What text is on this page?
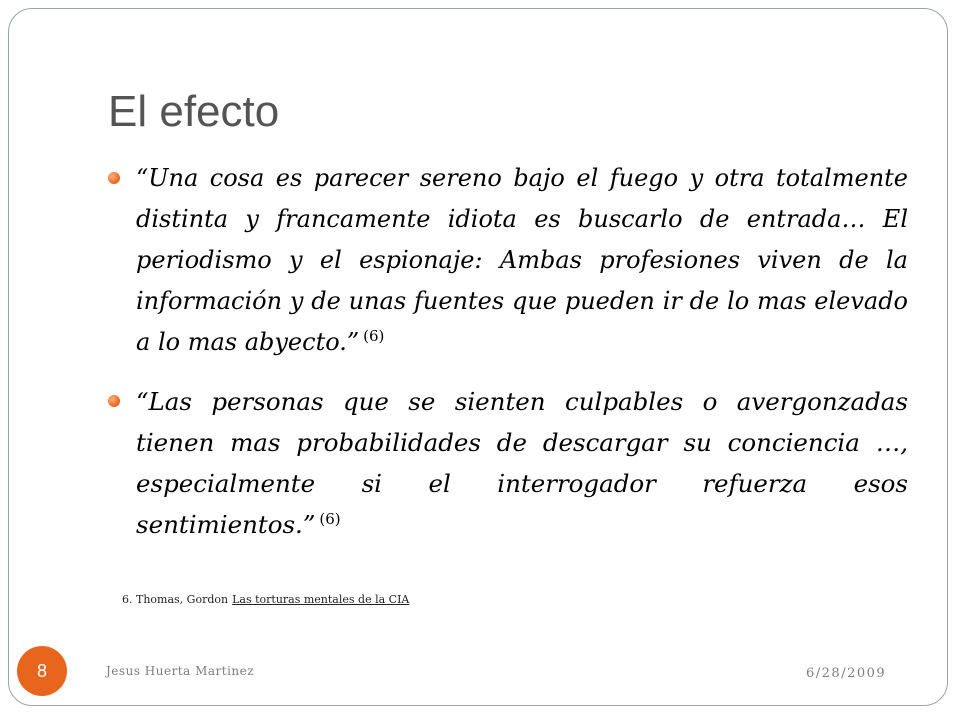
El efecto
“Una cosa es parecer sereno bajo el fuego y otra totalmente distinta y francamente idiota es buscarlo de entrada… El periodismo y el espionaje: Ambas profesiones viven de la información y de unas fuentes que pueden ir de lo mas elevado a lo mas abyecto.” $^{(6)}$
“Las personas que se sienten culpables o avergonzadas tienen mas probabilidades de descargar su conciencia …, especialmente si el interrogador refuerza esos sentimientos.” $^{(6)}$
6. Thomas, Gordon Las torturas mentales de la CIA
8	Jesus Huerta Martinez	6/28/2009
